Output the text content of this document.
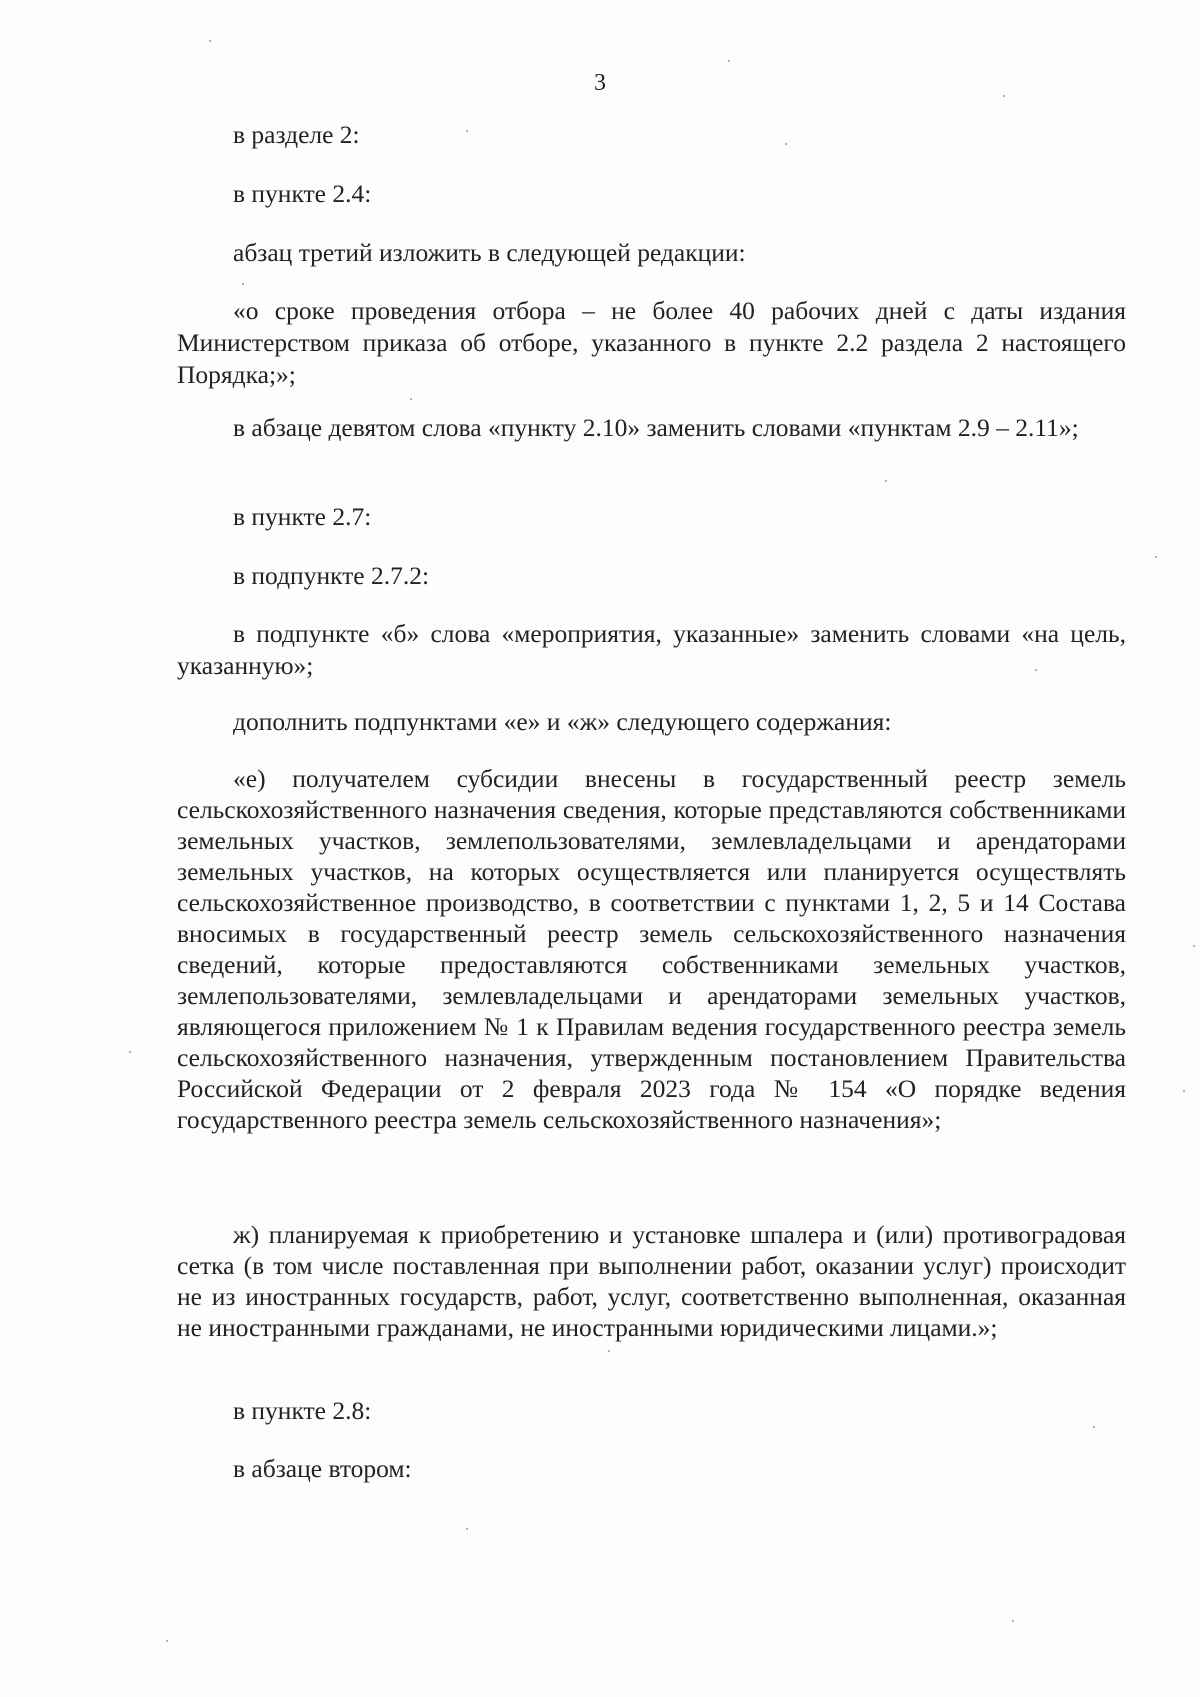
3

в разделе 2:

в пункте 2.4:

абзац третий изложить в следующей редакции:

«о сроке проведения отбора – не более 40 рабочих дней с даты издания Министерством приказа об отборе, указанного в пункте 2.2 раздела 2 настоящего Порядка;»;

в абзаце девятом слова «пункту 2.10» заменить словами «пунктам 2.9 – 2.11»;

в пункте 2.7:

в подпункте 2.7.2:

в подпункте «б» слова «мероприятия, указанные» заменить словами «на цель, указанную»;

дополнить подпунктами «е» и «ж» следующего содержания:

«е) получателем субсидии внесены в государственный реестр земель сельскохозяйственного назначения сведения, которые представляются собственниками земельных участков, землепользователями, землевладельцами и арендаторами земельных участков, на которых осуществляется или планируется осуществлять сельскохозяйственное производство, в соответствии с пунктами 1, 2, 5 и 14 Состава вносимых в государственный реестр земель сельскохозяйственного назначения сведений, которые предоставляются собственниками земельных участков, землепользователями, землевладельцами и арендаторами земельных участков, являющегося приложением № 1 к Правилам ведения государственного реестра земель сельскохозяйственного назначения, утвержденным постановлением Правительства Российской Федерации от 2 февраля 2023 года № 154 «О порядке ведения государственного реестра земель сельскохозяйственного назначения»;

ж) планируемая к приобретению и установке шпалера и (или) противоградовая сетка (в том числе поставленная при выполнении работ, оказании услуг) происходит не из иностранных государств, работ, услуг, соответственно выполненная, оказанная не иностранными гражданами, не иностранными юридическими лицами.»;

в пункте 2.8:

в абзаце втором:
